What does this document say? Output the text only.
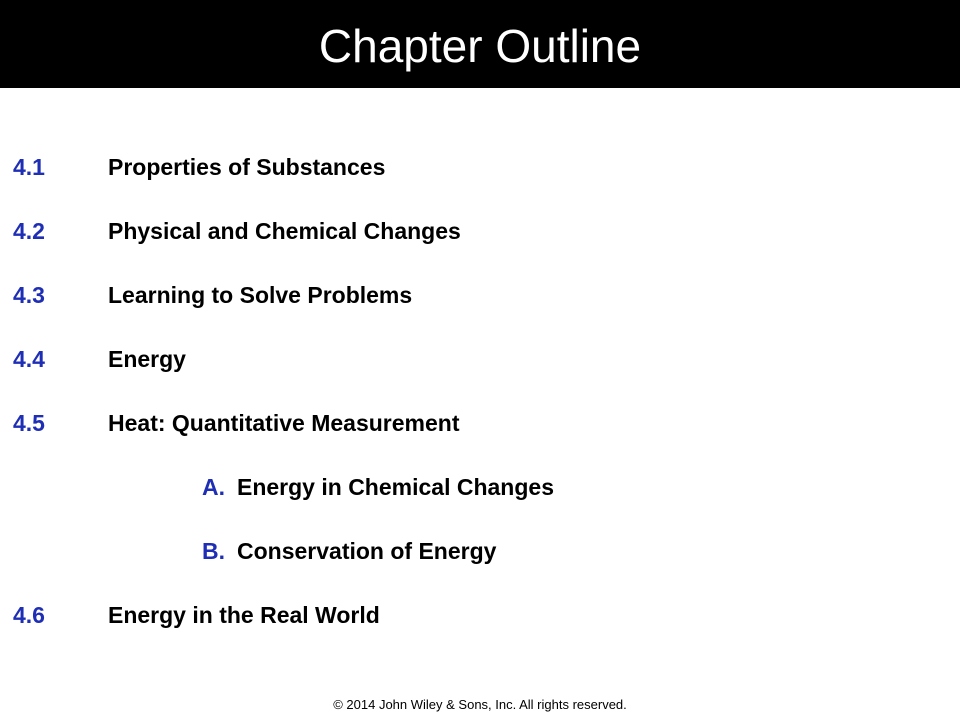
Chapter Outline
4.1	Properties of Substances
4.2	Physical and Chemical Changes
4.3	Learning to Solve Problems
4.4	Energy
4.5	Heat: Quantitative Measurement
A. Energy in Chemical Changes
B. Conservation of Energy
4.6	Energy in the Real World
© 2014 John Wiley & Sons, Inc. All rights reserved.
